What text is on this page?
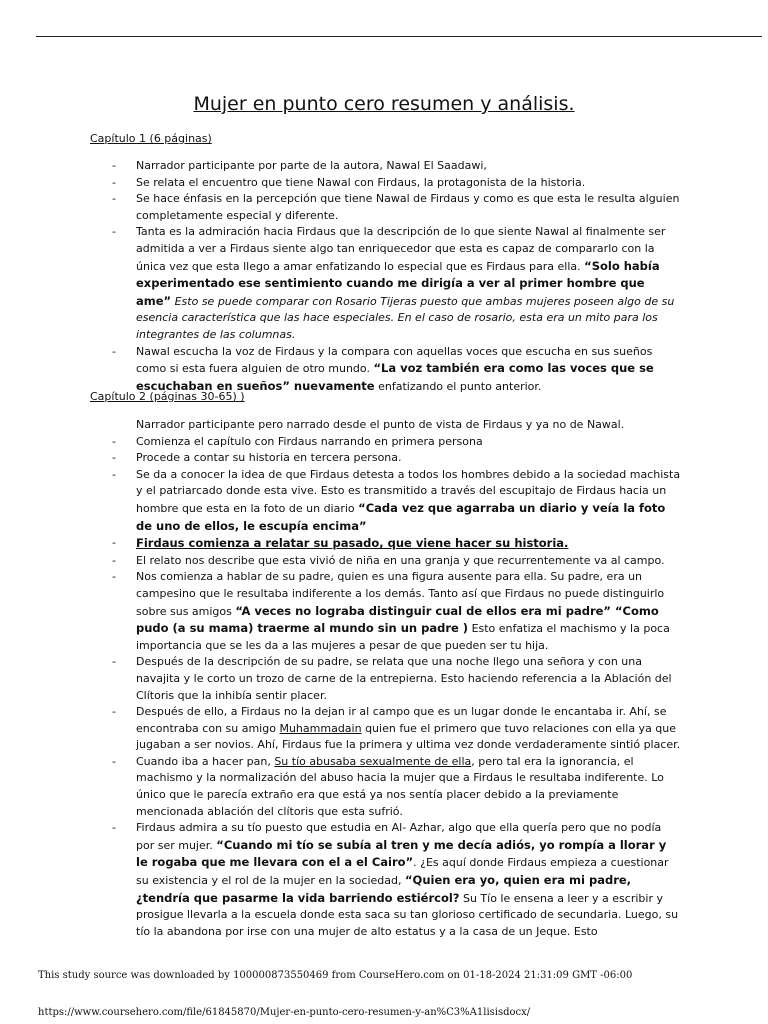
Mujer en punto cero resumen y análisis.
Capítulo 1 (6 páginas)
- Narrador participante por parte de la autora, Nawal El Saadawi,
- Se relata el encuentro que tiene Nawal con Firdaus, la protagonista de la historia.
- Se hace énfasis en la percepción que tiene Nawal de Firdaus y como es que esta le resulta alguien completamente especial y diferente.
- Tanta es la admiración hacia Firdaus que la descripción de lo que siente Nawal al finalmente ser admitida a ver a Firdaus siente algo tan enriquecedor que esta es capaz de compararlo con la única vez que esta llego a amar enfatizando lo especial que es Firdaus para ella. “Solo había experimentado ese sentimiento cuando me dirigía a ver al primer hombre que ame” Esto se puede comparar con Rosario Tijeras puesto que ambas mujeres poseen algo de su esencia característica que las hace especiales. En el caso de rosario, esta era un mito para los integrantes de las columnas.
- Nawal escucha la voz de Firdaus y la compara con aquellas voces que escucha en sus sueños como si esta fuera alguien de otro mundo. “La voz también era como las voces que se escuchaban en sueños” nuevamente enfatizando el punto anterior.
Capítulo 2 (páginas 30-65) )
Narrador participante pero narrado desde el punto de vista de Firdaus y ya no de Nawal.
- Comienza el capítulo con Firdaus narrando en primera persona
- Procede a contar su historia en tercera persona.
- Se da a conocer la idea de que Firdaus detesta a todos los hombres debido a la sociedad machista y el patriarcado donde esta vive. Esto es transmitido a través del escupitajo de Firdaus hacia un hombre que esta en la foto de un diario “Cada vez que agarraba un diario y veía la foto de uno de ellos, le escupía encima”
- Firdaus comienza a relatar su pasado, que viene hacer su historia.
- El relato nos describe que esta vivió de niña en una granja y que recurrentemente va al campo.
- Nos comienza a hablar de su padre, quien es una figura ausente para ella. Su padre, era un campesino que le resultaba indiferente a los demás. Tanto así que Firdaus no puede distinguirlo sobre sus amigos “A veces no lograba distinguir cual de ellos era mi padre” “Como pudo (a su mama) traerme al mundo sin un padre ) Esto enfatiza el machismo y la poca importancia que se les da a las mujeres a pesar de que pueden ser tu hija.
- Después de la descripción de su padre, se relata que una noche llego una señora y con una navajita y le corto un trozo de carne de la entrepierna. Esto haciendo referencia a la Ablación del Clítoris que la inhibía sentir placer.
- Después de ello, a Firdaus no la dejan ir al campo que es un lugar donde le encantaba ir. Ahí, se encontraba con su amigo Muhammadain quien fue el primero que tuvo relaciones con ella ya que jugaban a ser novios. Ahí, Firdaus fue la primera y ultima vez donde verdaderamente sintió placer.
- Cuando iba a hacer pan, Su tío abusaba sexualmente de ella, pero tal era la ignorancia, el machismo y la normalización del abuso hacia la mujer que a Firdaus le resultaba indiferente. Lo único que le parecía extraño era que está ya nos sentía placer debido a la previamente mencionada ablación del clítoris que esta sufrió.
- Firdaus admira a su tío puesto que estudia en Al- Azhar, algo que ella quería pero que no podía por ser mujer. “Cuando mi tío se subía al tren y me decía adiós, yo rompía a llorar y le rogaba que me llevara con el a el Cairo”. ¿Es aquí donde Firdaus empieza a cuestionar su existencia y el rol de la mujer en la sociedad, “Quien era yo, quien era mi padre, ¿tendría que pasarme la vida barriendo estiércol? Su Tío le ensena a leer y a escribir y prosigue llevarla a la escuela donde esta saca su tan glorioso certificado de secundaria. Luego, su tío la abandona por irse con una mujer de alto estatus y a la casa de un Jeque. Esto
This study source was downloaded by 100000873550469 from CourseHero.com on 01-18-2024 21:31:09 GMT -06:00
https://www.coursehero.com/file/61845870/Mujer-en-punto-cero-resumen-y-an%C3%A1lisisdocx/
